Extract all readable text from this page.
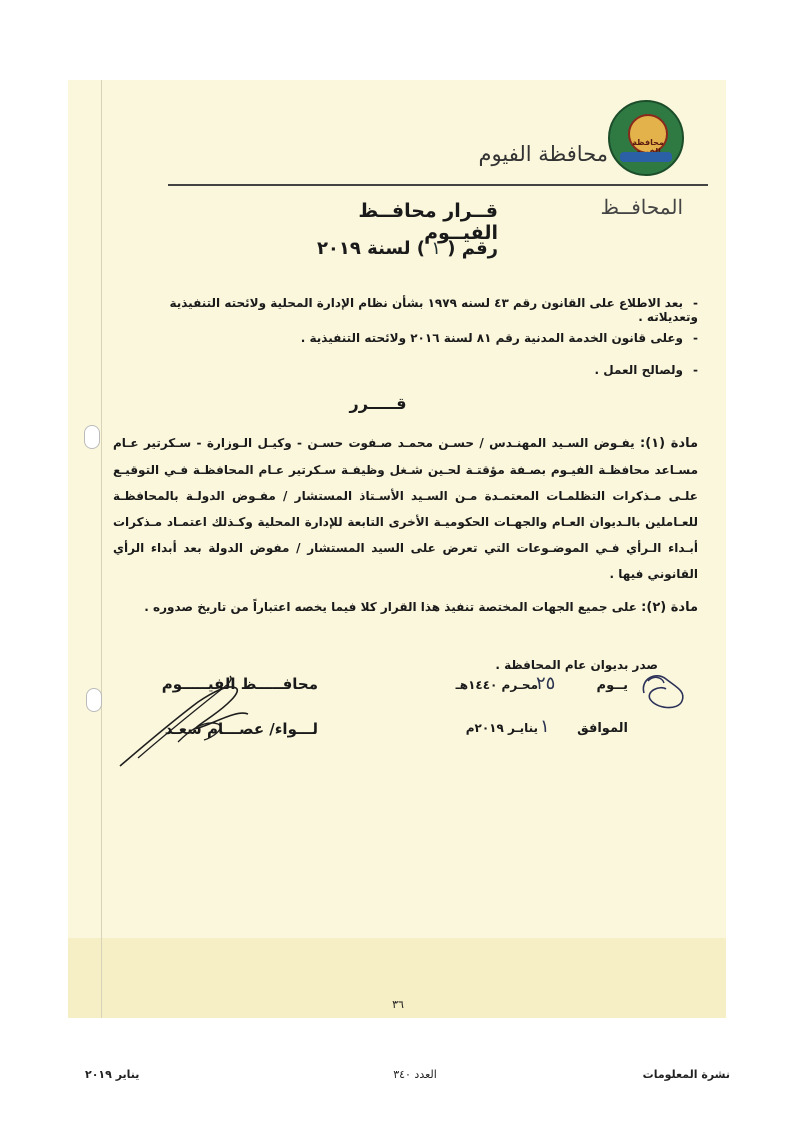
محافظة
محافظة الفيوم
المحافــظ
قــرار محافــظ الفيــوم
رقم ( ١ ) لسنة ٢٠١٩
-بعد الاطلاع على القانون رقم ٤٣ لسنه ١٩٧٩ بشأن نظام الإدارة المحلية ولائحته التنفيذية وتعديلاته .
-وعلى قانون الخدمة المدنية رقم ٨١ لسنة ٢٠١٦ ولائحته التنفيذية .
-ولصالح العمل .
قـــــرر
مادة (١): يفـوض السـيد المهنـدس / حسـن محمـد صـفوت حسـن - وكيـل الـوزارة - سـكرتير عـام مسـاعد محافظـة الفيـوم بصـفة مؤقتـة لحـين شـغل وظيفـة سـكرتير عـام المحافظـة فـي التوقيـع علـى مـذكرات التظلمـات المعتمـدة مـن السـيد الأسـتاذ المستشار / مفـوض الدولـة بالمحافظـة للعـاملين بالـديوان العـام والجهـات الحكوميـة الأخرى التابعة للإدارة المحلية وكـذلك اعتمـاد مـذكرات أبـداء الـرأي فـي الموضـوعات التي تعرض على السيد المستشار / مفوض الدولة بعد أبداء الرأي القانوني فيها .
مادة (٢): على جميع الجهات المختصة تنفيذ هذا القرار كلا فيما يخصه اعتباراً من تاريخ صدوره .
صدر بديوان عام المحافظة .
يــوم
٢٥
محـرم ١٤٤٠هـ
الموافق
١
ينايـر ٢٠١٩م
محافـــــظ الفيـــــوم
لـــواء/ عصـــام سعـد
٣٦
نشرة المعلومات
العدد ٣٤٠
يناير ٢٠١٩
